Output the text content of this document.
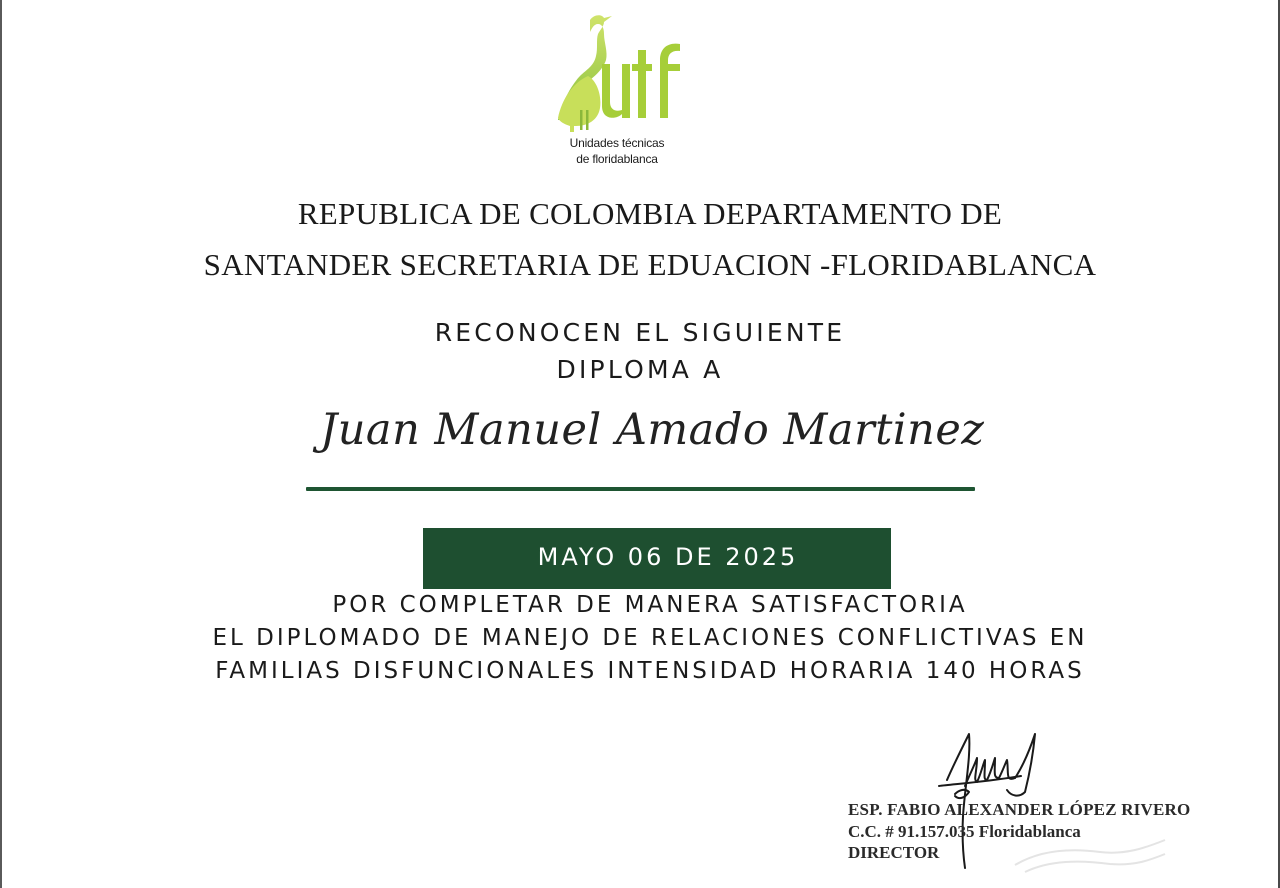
Unidades técnicas
de floridablanca
REPUBLICA DE COLOMBIA DEPARTAMENTO DE
SANTANDER SECRETARIA DE EDUACION -FLORIDABLANCA
RECONOCEN EL SIGUIENTE
DIPLOMA A
Juan Manuel Amado Martinez
MAYO 06 DE 2025
POR COMPLETAR DE MANERA SATISFACTORIA
EL DIPLOMADO DE MANEJO DE RELACIONES CONFLICTIVAS EN
FAMILIAS DISFUNCIONALES INTENSIDAD HORARIA 140 HORAS
ESP. FABIO ALEXANDER LÓPEZ RIVERO
C.C. # 91.157.035 Floridablanca
DIRECTOR
